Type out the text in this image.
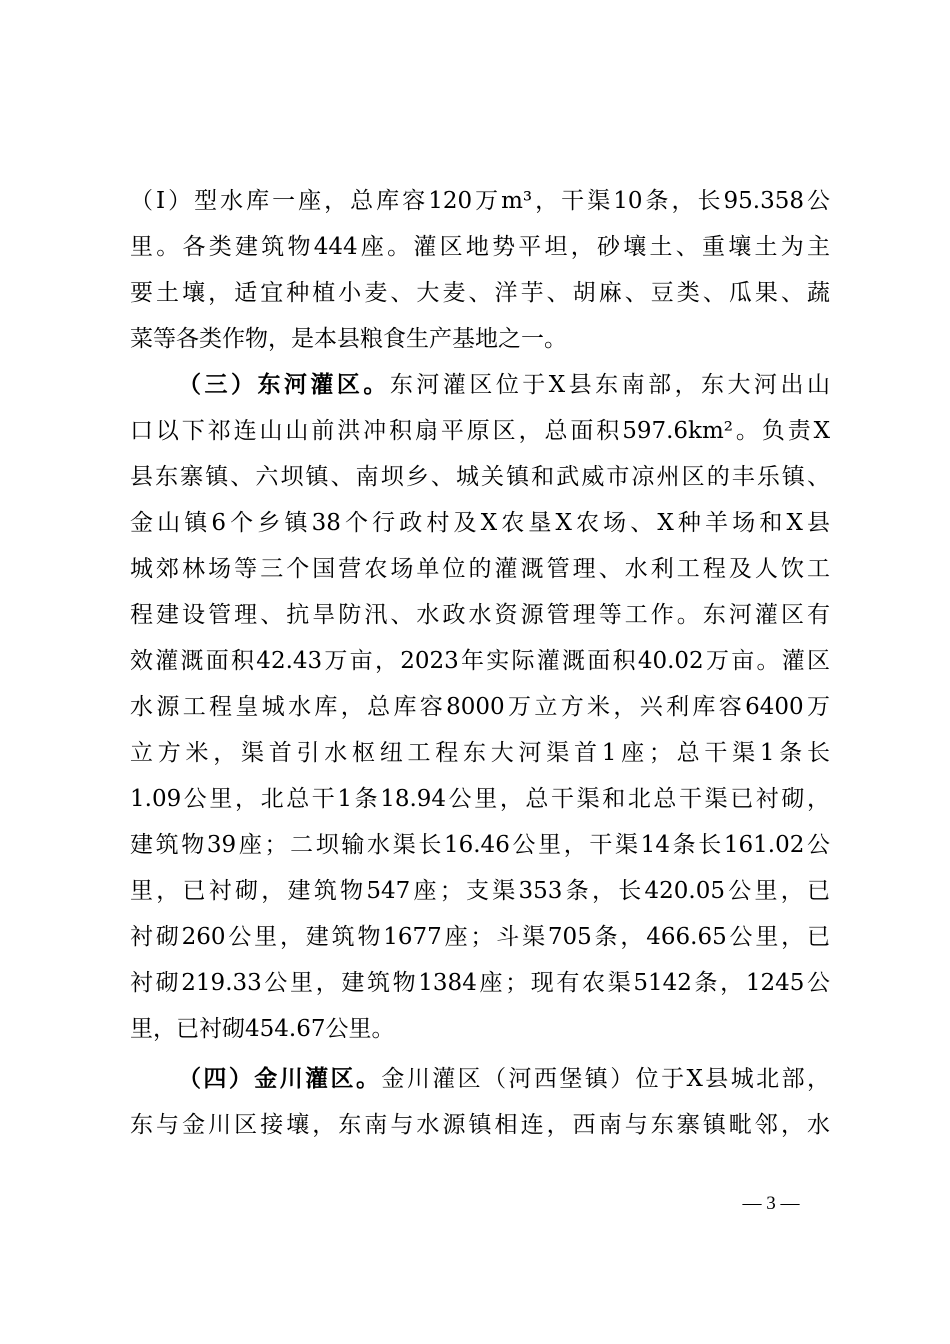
（I）型水库一座，总库容120万m³，干渠10条，长95.358公
里。各类建筑物444座。灌区地势平坦，砂壤土、重壤土为主
要土壤，适宜种植小麦、大麦、洋芋、胡麻、豆类、瓜果、蔬
菜等各类作物，是本县粮食生产基地之一。
（三）东河灌区。东河灌区位于X县东南部，东大河出山
口以下祁连山山前洪冲积扇平原区，总面积597.6km²。负责X
县东寨镇、六坝镇、南坝乡、城关镇和武威市凉州区的丰乐镇、
金山镇6个乡镇38个行政村及X农垦X农场、X种羊场和X县
城郊林场等三个国营农场单位的灌溉管理、水利工程及人饮工
程建设管理、抗旱防汛、水政水资源管理等工作。东河灌区有
效灌溉面积42.43万亩，2023年实际灌溉面积40.02万亩。灌区
水源工程皇城水库，总库容8000万立方米，兴利库容6400万
立方米，渠首引水枢纽工程东大河渠首1座；总干渠1条长
1.09公里，北总干1条18.94公里，总干渠和北总干渠已衬砌，
建筑物39座；二坝输水渠长16.46公里，干渠14条长161.02公
里，已衬砌，建筑物547座；支渠353条，长420.05公里，已
衬砌260公里，建筑物1677座；斗渠705条，466.65公里，已
衬砌219.33公里，建筑物1384座；现有农渠5142条，1245公
里，已衬砌454.67公里。
（四）金川灌区。金川灌区（河西堡镇）位于X县城北部，
东与金川区接壤，东南与水源镇相连，西南与东寨镇毗邻，水
— 3 —
